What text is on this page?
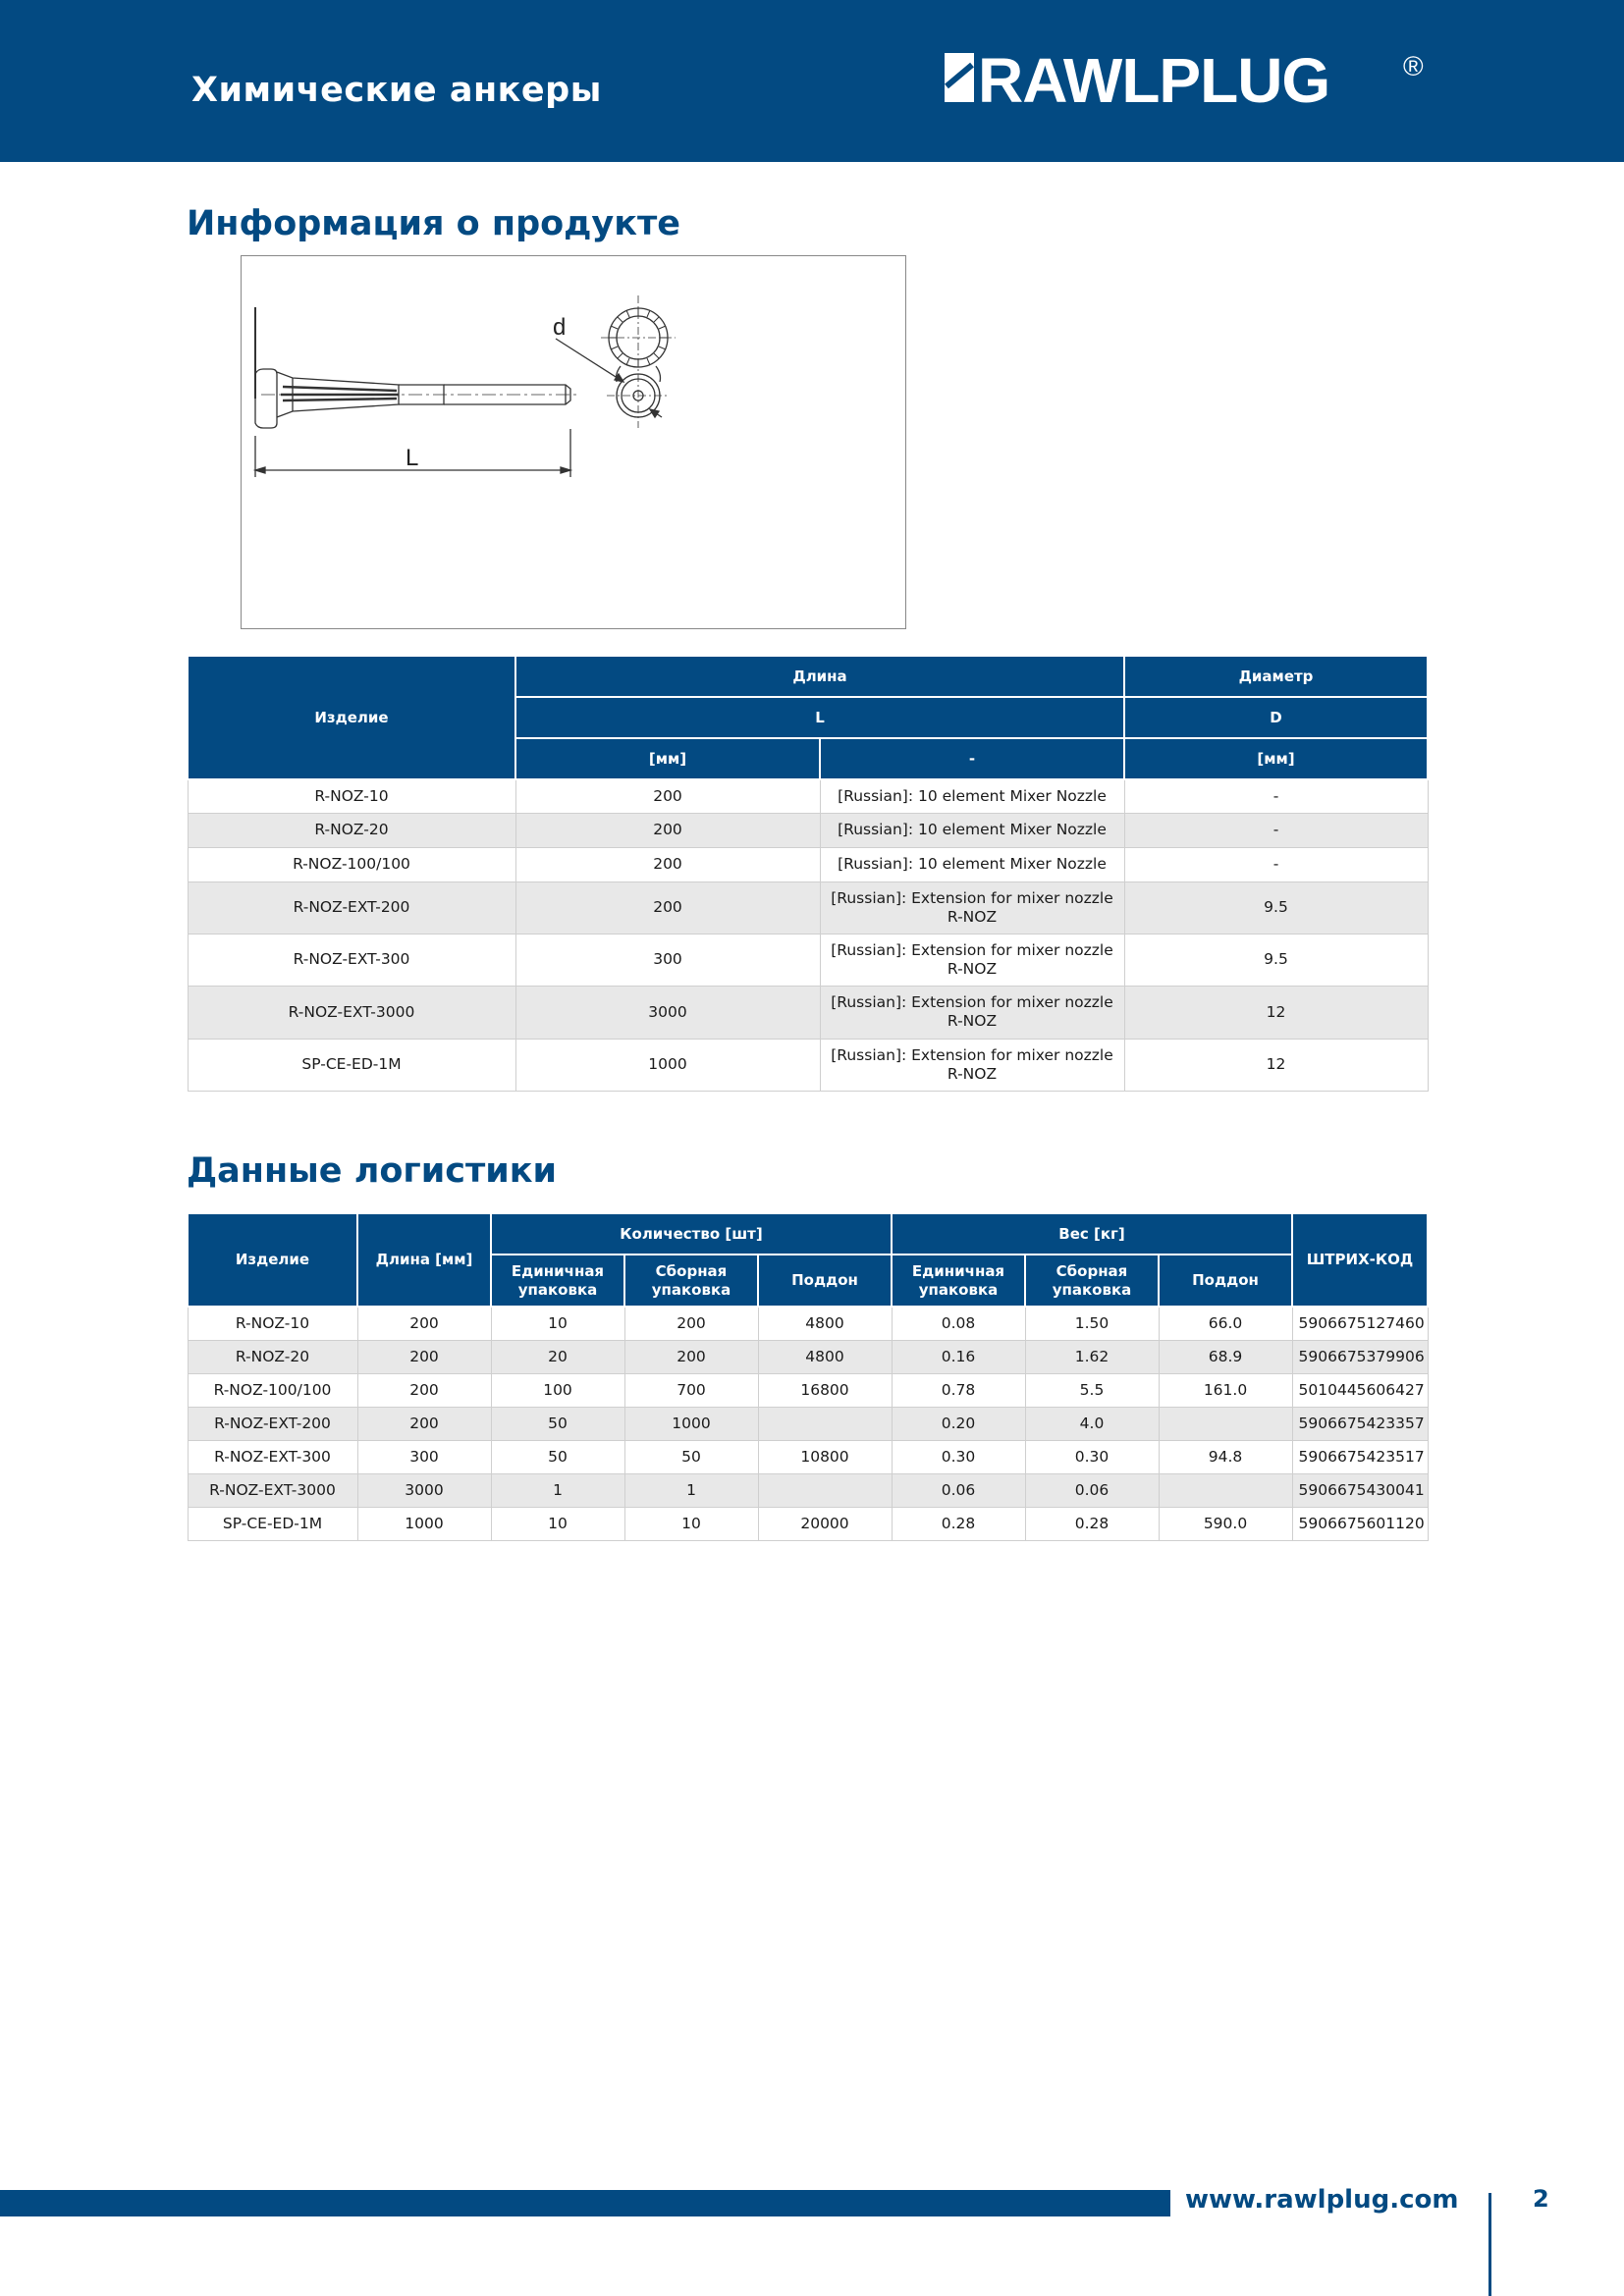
Химические анкеры	RAWLPLUG	®
Информация о продукте
d
L
Изделие	Длина		Диаметр
	L		D
	[мм]	-	[мм]
R-NOZ-10	200	[Russian]: 10 element Mixer Nozzle	-
R-NOZ-20	200	[Russian]: 10 element Mixer Nozzle	-
R-NOZ-100/100	200	[Russian]: 10 element Mixer Nozzle	-
R-NOZ-EXT-200	200	[Russian]: Extension for mixer nozzle R-NOZ	9.5
R-NOZ-EXT-300	300	[Russian]: Extension for mixer nozzle R-NOZ	9.5
R-NOZ-EXT-3000	3000	[Russian]: Extension for mixer nozzle R-NOZ	12
SP-CE-ED-1M	1000	[Russian]: Extension for mixer nozzle R-NOZ	12
Данные логистики
Изделие	Длина [мм]	Количество [шт]			Вес [кг]			ШТРИХ-КОД
		Единичная упаковка	Сборная упаковка	Поддон	Единичная упаковка	Сборная упаковка	Поддон	
R-NOZ-10	200	10	200	4800	0.08	1.50	66.0	5906675127460
R-NOZ-20	200	20	200	4800	0.16	1.62	68.9	5906675379906
R-NOZ-100/100	200	100	700	16800	0.78	5.5	161.0	5010445606427
R-NOZ-EXT-200	200	50	1000		0.20	4.0		5906675423357
R-NOZ-EXT-300	300	50	50	10800	0.30	0.30	94.8	5906675423517
R-NOZ-EXT-3000	3000	1	1		0.06	0.06		5906675430041
SP-CE-ED-1M	1000	10	10	20000	0.28	0.28	590.0	5906675601120
www.rawlplug.com	2
